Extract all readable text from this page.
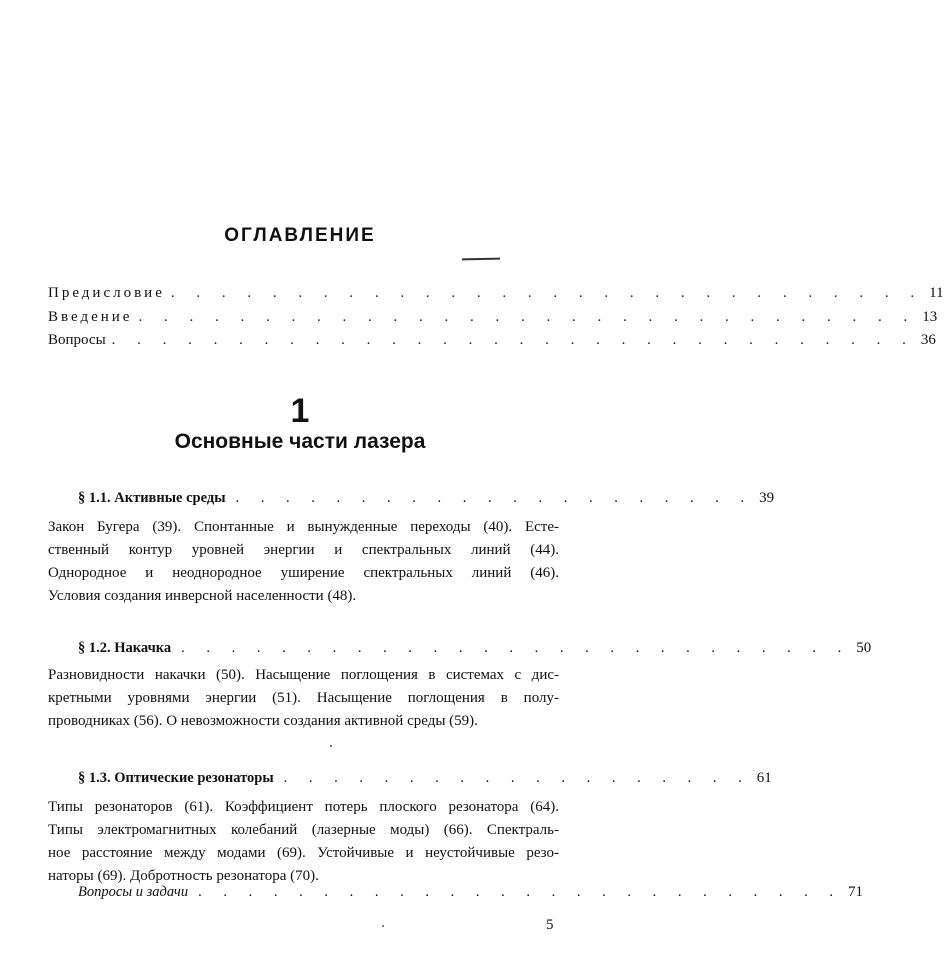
ОГЛАВЛЕНИЕ
Предисловие . . . . . . . . . . . . . . . . . . . . . . . . . . . . . . 11
Введение . . . . . . . . . . . . . . . . . . . . . . . . . . . . . . . 13
Вопросы . . . . . . . . . . . . . . . . . . . . . . . . . . . . . . . . 36
1
Основные части лазера
§ 1.1. Активные среды . . . . . . . . . . . . . . . . . . . . . 39
Закон Бугера (39). Спонтанные и вынужденные переходы (40). Есте-
ственный контур уровней энергии и спектральных линий (44).
Однородное и неоднородное уширение спектральных линий (46).
Условия создания инверсной населенности (48).
§ 1.2. Накачка . . . . . . . . . . . . . . . . . . . . . . . . . . . 50
Разновидности накачки (50). Насыщение поглощения в системах с дис-
кретными уровнями энергии (51). Насыщение поглощения в полу-
проводниках (56). О невозможности создания активной среды (59).
§ 1.3. Оптические резонаторы . . . . . . . . . . . . . . . . . . . 61
Типы резонаторов (61). Коэффициент потерь плоского резонатора (64).
Типы электромагнитных колебаний (лазерные моды) (66). Спектраль-
ное расстояние между модами (69). Устойчивые и неустойчивые резо-
наторы (69). Добротность резонатора (70).
Вопросы и задачи . . . . . . . . . . . . . . . . . . . . . . . . . . 71
5
